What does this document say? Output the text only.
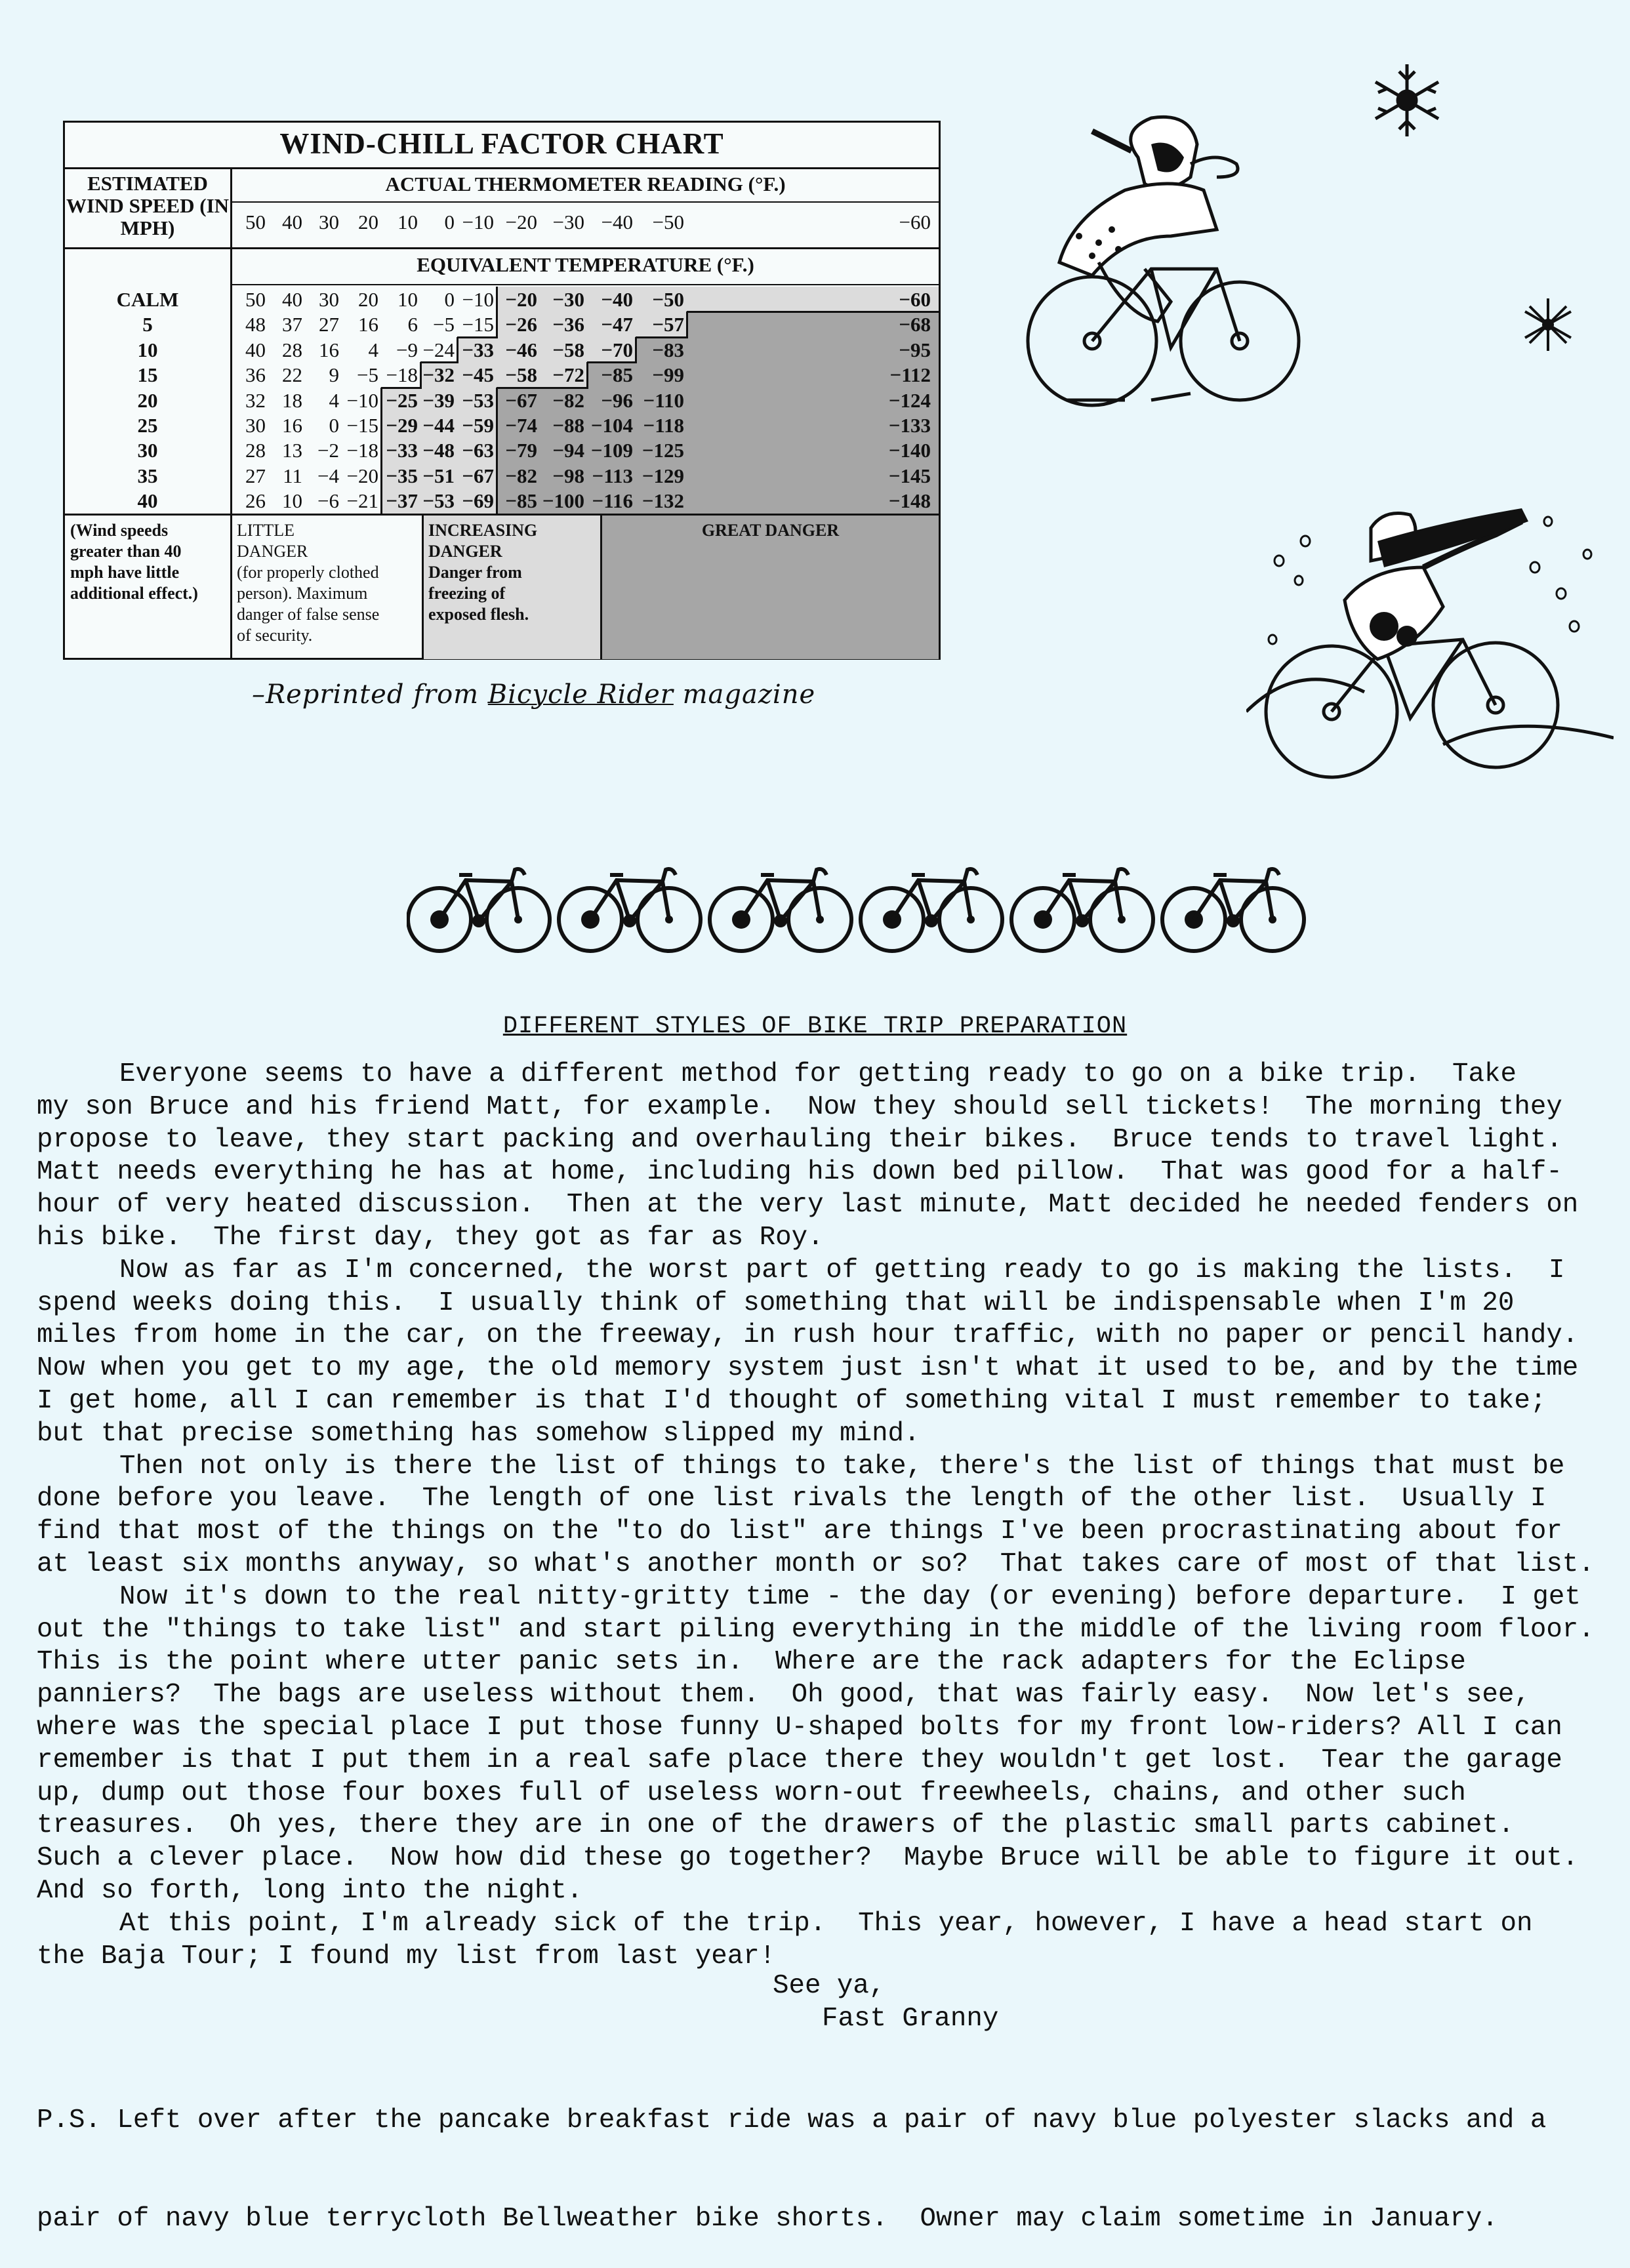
WIND-CHILL FACTOR CHART
ESTIMATED WIND SPEED (IN MPH)
ACTUAL THERMOMETER READING (°F.)
EQUIVALENT TEMPERATURE (°F.)
50 40 30 20 10	0 −10 −20 −30 −40 −50	−60
CALM	50 40 30 20 10	0 −10 −20 −30 −40 −50	−60
5	48 37 27 16	6 −5 −15 −26 −36 −47 −57	−68
10	40 28 16	4 −9 −24 −33 −46 −58 −70 −83	−95
15	36 22	9 −5 −18 −32 −45 −58 −72 −85 −99	−112
20	32 18	4 −10 −25 −39 −53 −67 −82 −96 −110	−124
25	30 16	0 −15 −29 −44 −59 −74 −88 −104 −118	−133
30	28 13 −2 −18 −33 −48 −63 −79 −94 −109 −125	−140
35	27 11 −4 −20 −35 −51 −67 −82 −98 −113 −129	−145
40	26 10 −6 −21 −37 −53 −69 −85 −100 −116 −132	−148
(Wind speeds
greater than 40
mph have little
additional effect.)
LITTLE
DANGER
(for properly clothed
person). Maximum
danger of false sense
of security.
INCREASING
DANGER
Danger from
freezing of
exposed flesh.
GREAT DANGER
–Reprinted from Bicycle Rider magazine
DIFFERENT STYLES OF BIKE TRIP PREPARATION

Everyone seems to have a different method for getting ready to go on a bike trip.  Take

my son Bruce and his friend Matt, for example.  Now they should sell tickets!  The morning they

propose to leave, they start packing and overhauling their bikes.  Bruce tends to travel light.

Matt needs everything he has at home, including his down bed pillow.  That was good for a half-

hour of very heated discussion.  Then at the very last minute, Matt decided he needed fenders on

his bike.  The first day, they got as far as Roy.

Now as far as I'm concerned, the worst part of getting ready to go is making the lists.  I

spend weeks doing this.  I usually think of something that will be indispensable when I'm 20

miles from home in the car, on the freeway, in rush hour traffic, with no paper or pencil handy.

Now when you get to my age, the old memory system just isn't what it used to be, and by the time

I get home, all I can remember is that I'd thought of something vital I must remember to take;

but that precise something has somehow slipped my mind.

Then not only is there the list of things to take, there's the list of things that must be

done before you leave.  The length of one list rivals the length of the other list.  Usually I

find that most of the things on the "to do list" are things I've been procrastinating about for

at least six months anyway, so what's another month or so?  That takes care of most of that list.

Now it's down to the real nitty-gritty time - the day (or evening) before departure.  I get

out the "things to take list" and start piling everything in the middle of the living room floor.

This is the point where utter panic sets in.  Where are the rack adapters for the Eclipse

panniers?  The bags are useless without them.  Oh good, that was fairly easy.  Now let's see,

where was the special place I put those funny U-shaped bolts for my front low-riders? All I can

remember is that I put them in a real safe place there they wouldn't get lost.  Tear the garage

up, dump out those four boxes full of useless worn-out freewheels, chains, and other such

treasures.  Oh yes, there they are in one of the drawers of the plastic small parts cabinet.

Such a clever place.  Now how did these go together?  Maybe Bruce will be able to figure it out.

And so forth, long into the night.

At this point, I'm already sick of the trip.  This year, however, I have a head start on

the Baja Tour; I found my list from last year!

See ya,
Fast Granny

P.S. Left over after the pancake breakfast ride was a pair of navy blue polyester slacks and a

pair of navy blue terrycloth Bellweather bike shorts.  Owner may claim sometime in January.
